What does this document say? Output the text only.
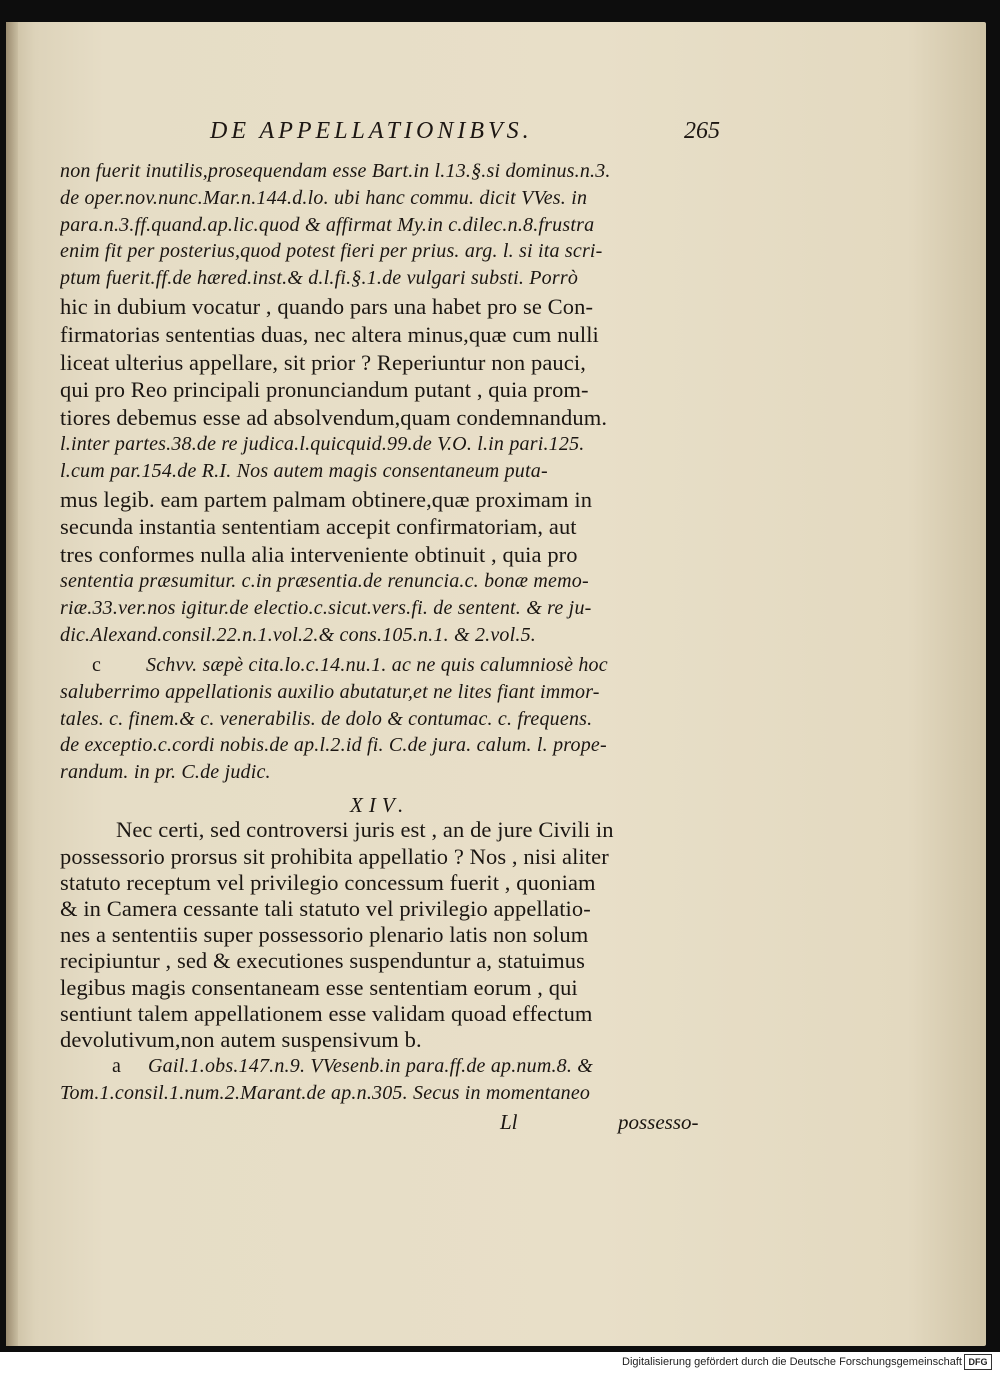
DE APPELLATIONIBVS.	265
non fuerit inutilis,prosequendam esse Bart.in l.13.§.si dominus.n.3.
de oper.nov.nunc.Mar.n.144.d.lo. ubi hanc commu. dicit VVes. in
para.n.3.ff.quand.ap.lic.quod & affirmat My.in c.dilec.n.8.frustra
enim fit per posterius,quod potest fieri per prius. arg. l. si ita scri-
ptum fuerit.ff.de hæred.inst.& d.l.fi.§.1.de vulgari substi. Porrò
hic in dubium vocatur , quando pars una habet pro se Con-
firmatorias sententias duas, nec altera minus,quæ cum nulli
liceat ulterius appellare, sit prior ? Reperiuntur non pauci,
qui pro Reo principali pronunciandum putant , quia prom-
tiores debemus esse ad absolvendum,quam condemnandum.
l.inter partes.38.de re judica.l.quicquid.99.de V.O. l.in pari.125.
l.cum par.154.de R.I. Nos autem magis consentaneum puta-
mus legib. eam partem palmam obtinere,quæ proximam in
secunda instantia sententiam accepit confirmatoriam, aut
tres conformes nulla alia interveniente obtinuit , quia pro
sententia præsumitur. c.in præsentia.de renuncia.c. bonæ memo-
riæ.33.ver.nos igitur.de electio.c.sicut.vers.fi. de sentent. & re ju-
dic.Alexand.consil.22.n.1.vol.2.& cons.105.n.1. & 2.vol.5.
Schvv. sæpè cita.lo.c.14.nu.1. ac ne quis calumniosè hoc
saluberrimo appellationis auxilio abutatur,et ne lites fiant immor-
tales. c. finem.& c. venerabilis. de dolo & contumac. c. frequens.
de exceptio.c.cordi nobis.de ap.l.2.id fi. C.de jura. calum. l. prope-
randum. in pr. C.de judic.
c
XIV.
Nec certi, sed controversi juris est , an de jure Civili in
possessorio prorsus sit prohibita appellatio ? Nos , nisi aliter
statuto receptum vel privilegio concessum fuerit , quoniam
& in Camera cessante tali statuto vel privilegio appellatio-
nes a sententiis super possessorio plenario latis non solum
recipiuntur , sed & executiones suspenduntur a, statuimus
legibus magis consentaneam esse sententiam eorum , qui
sentiunt talem appellationem esse validam quoad effectum
devolutivum,non autem suspensivum b.
Gail.1.obs.147.n.9. VVesenb.in para.ff.de ap.num.8. &
Tom.1.consil.1.num.2.Marant.de ap.n.305. Secus in momentaneo
a
Ll	possesso-
Digitalisierung gefördert durch die Deutsche Forschungsgemeinschaft DFG
